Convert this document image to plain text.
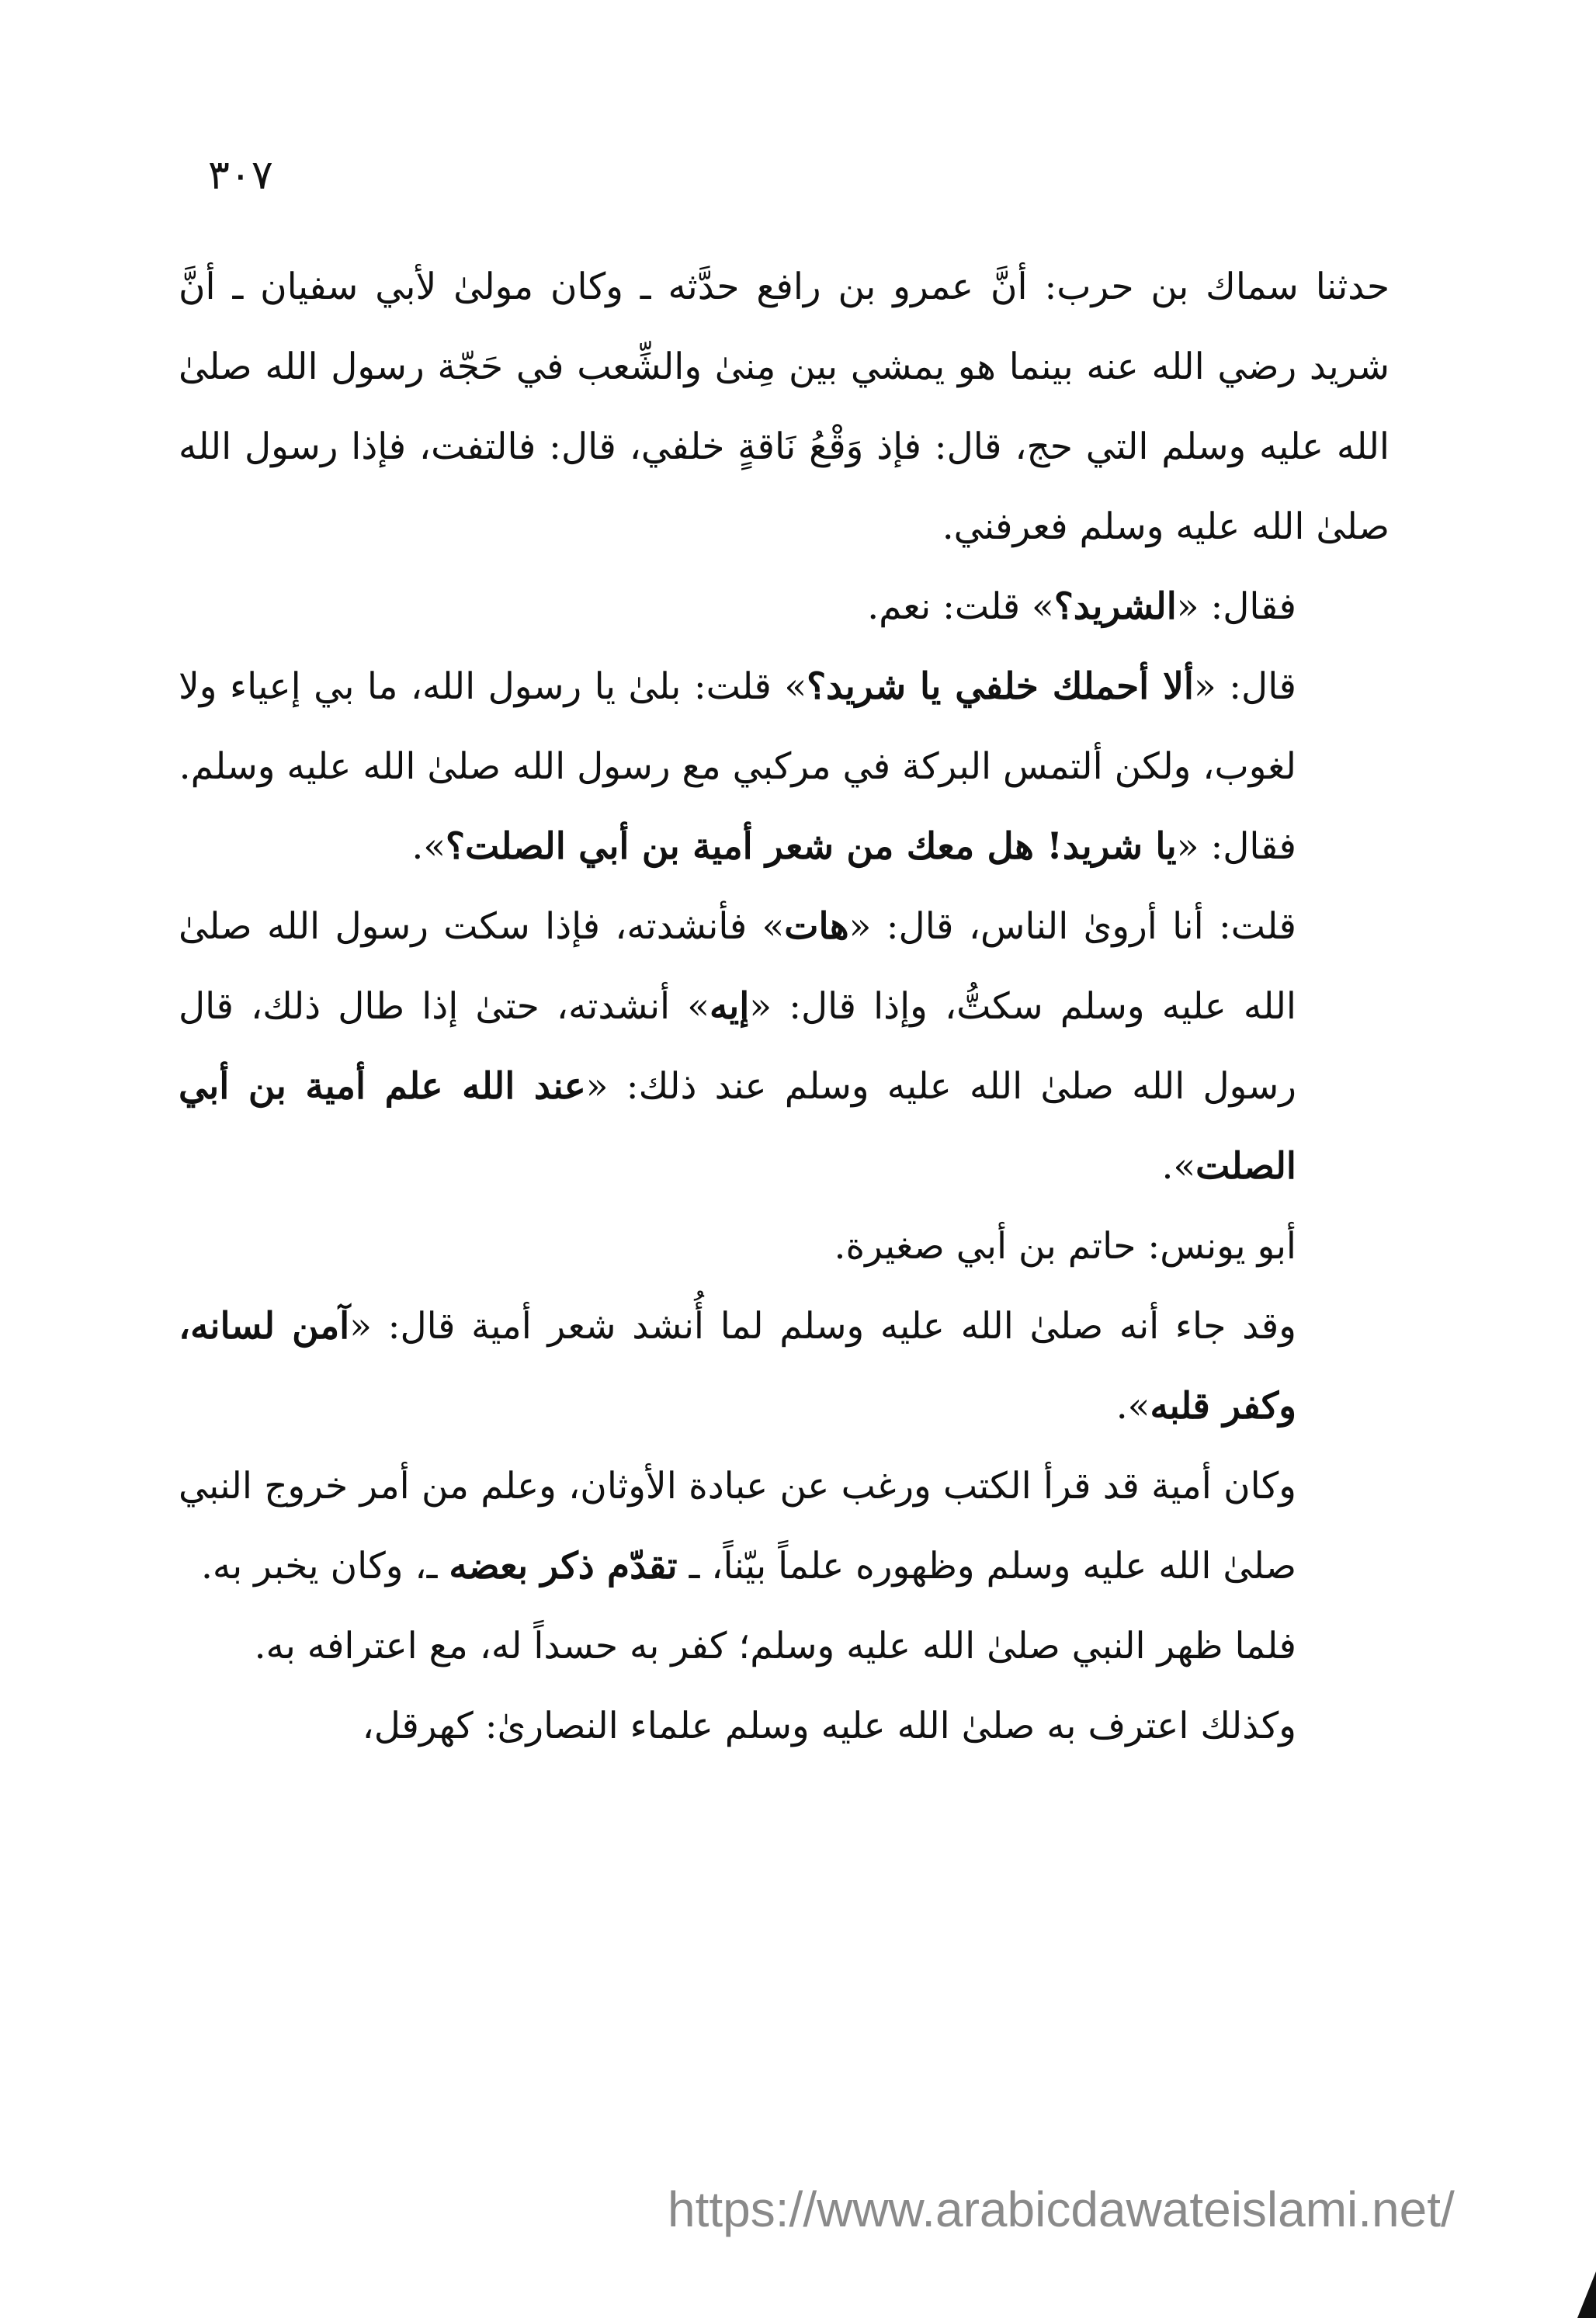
٣٠٧

حدثنا سماك بن حرب: أنَّ عمرو بن رافع حدَّثه ـ وكان مولىٰ لأبي سفيان ـ أنَّ شريد رضي الله عنه بينما هو يمشي بين مِنىٰ والشِّعب في حَجّة رسول الله صلىٰ الله عليه وسلم التي حج، قال: فإذ وَقْعُ نَاقةٍ خلفي، قال: فالتفت، فإذا رسول الله صلىٰ الله عليه وسلم فعرفني.

فقال: «الشريد؟» قلت: نعم.

قال: «ألا أحملك خلفي يا شريد؟» قلت: بلىٰ يا رسول الله، ما بي إعياء ولا لغوب، ولكن ألتمس البركة في مركبي مع رسول الله صلىٰ الله عليه وسلم.

فقال: «يا شريد! هل معك من شعر أمية بن أبي الصلت؟».

قلت: أنا أروىٰ الناس، قال: «هات» فأنشدته، فإذا سكت رسول الله صلىٰ الله عليه وسلم سكتُّ، وإذا قال: «إيه» أنشدته، حتىٰ إذا طال ذلك، قال رسول الله صلىٰ الله عليه وسلم عند ذلك: «عند الله علم أمية بن أبي الصلت».

أبو يونس: حاتم بن أبي صغيرة.

وقد جاء أنه صلىٰ الله عليه وسلم لما أُنشد شعر أمية قال: «آمن لسانه، وكفر قلبه».

وكان أمية قد قرأ الكتب ورغب عن عبادة الأوثان، وعلم من أمر خروج النبي صلىٰ الله عليه وسلم وظهوره علماً بيّناً، ـ تقدّم ذكر بعضه ـ، وكان يخبر به.

فلما ظهر النبي صلىٰ الله عليه وسلم؛ كفر به حسداً له، مع اعترافه به.

وكذلك اعترف به صلىٰ الله عليه وسلم علماء النصارىٰ: كهرقل،

https://www.arabicdawateislami.net/
